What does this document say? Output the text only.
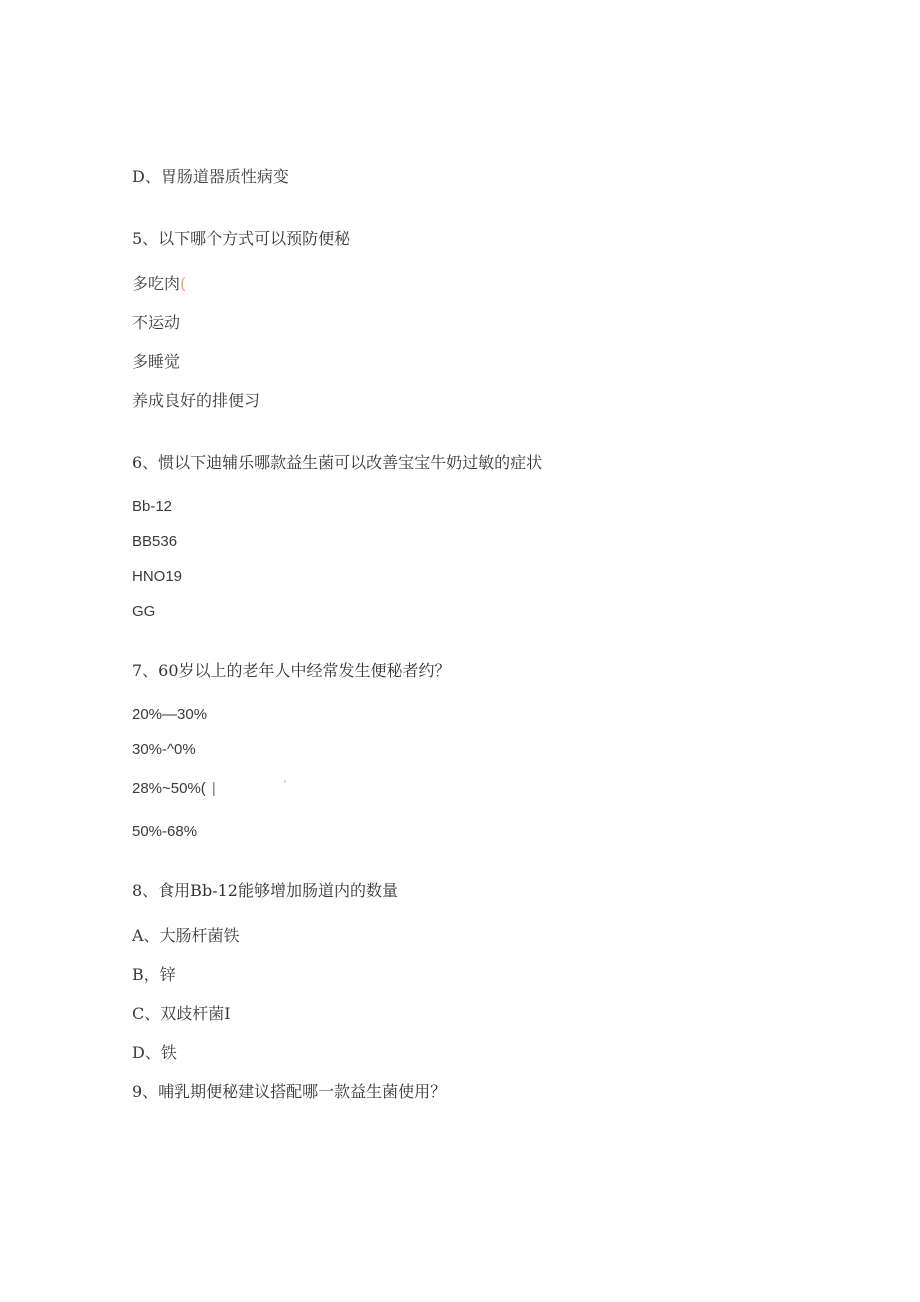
D、胃肠道器质性病变
5、以下哪个方式可以预防便秘
多吃肉(
不运动
多睡觉
养成良好的排便习
6、惯以下迪辅乐哪款益生菌可以改善宝宝牛奶过敏的症状
Bb-12
BB536
HNO19
GG
7、60岁以上的老年人中经常发生便秘者约？
20%—30%
30%-^0%
28%~50%( |	'
50%-68%
8、食用Bb-12能够增加肠道内的数量
A、大肠杆菌铁
B，锌
C、双歧杆菌I
D、铁
9、哺乳期便秘建议搭配哪一款益生菌使用？
